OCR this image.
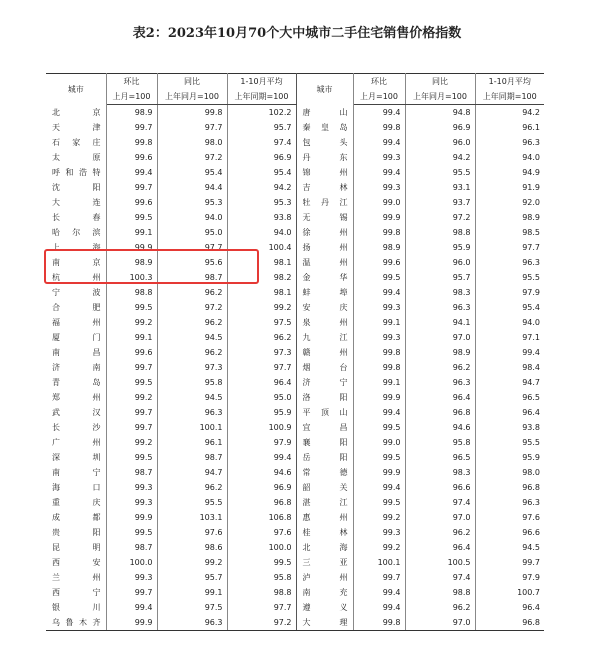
表2：2023年10月70个大中城市二手住宅销售价格指数
城市	环比	同比	1-10月平均	城市	环比	同比	1-10月平均
	上月=100	上年同月=100	上年同期=100		上月=100	上年同月=100	上年同期=100
北　京	98.9	99.8	102.2	唐　山	99.4	94.8	94.2
天　津	99.7	97.7	95.7	秦皇岛	99.8	96.9	96.1
石家庄	99.8	98.0	97.4	包　头	99.4	96.0	96.3
太　原	99.6	97.2	96.9	丹　东	99.3	94.2	94.0
呼和浩特	99.4	95.4	95.4	锦　州	99.4	95.5	94.9
沈　阳	99.7	94.4	94.2	吉　林	99.3	93.1	91.9
大　连	99.6	95.3	95.3	牡丹江	99.0	93.7	92.0
长　春	99.5	94.0	93.8	无　锡	99.9	97.2	98.9
哈尔滨	99.1	95.0	94.0	徐　州	99.8	98.8	98.5
上　海	99.9	97.7	100.4	扬　州	98.9	95.9	97.7
南　京	98.9	95.6	98.1	温　州	99.6	96.0	96.3
杭　州	100.3	98.7	98.2	金　华	99.5	95.7	95.5
宁　波	98.8	96.2	98.1	蚌　埠	99.4	98.3	97.9
合　肥	99.5	97.2	99.2	安　庆	99.3	96.3	95.4
福　州	99.2	96.2	97.5	泉　州	99.1	94.1	94.0
厦　门	99.1	94.5	96.2	九　江	99.3	97.0	97.1
南　昌	99.6	96.2	97.3	赣　州	99.8	98.9	99.4
济　南	99.7	97.3	97.7	烟　台	99.8	96.2	98.4
青　岛	99.5	95.8	96.4	济　宁	99.1	96.3	94.7
郑　州	99.2	94.5	95.0	洛　阳	99.9	96.4	96.5
武　汉	99.7	96.3	95.9	平顶山	99.4	96.8	96.4
长　沙	99.7	100.1	100.9	宜　昌	99.5	94.6	93.8
广　州	99.2	96.1	97.9	襄　阳	99.0	95.8	95.5
深　圳	99.5	98.7	99.4	岳　阳	99.5	96.5	95.9
南　宁	98.7	94.7	94.6	常　德	99.9	98.3	98.0
海　口	99.3	96.2	96.9	韶　关	99.4	96.6	96.8
重　庆	99.3	95.5	96.8	湛　江	99.5	97.4	96.3
成　都	99.9	103.1	106.8	惠　州	99.2	97.0	97.6
贵　阳	99.5	97.6	97.6	桂　林	99.3	96.2	96.6
昆　明	98.7	98.6	100.0	北　海	99.2	96.4	94.5
西　安	100.0	99.2	99.5	三　亚	100.1	100.5	99.7
兰　州	99.3	95.7	95.8	泸　州	99.7	97.4	97.9
西　宁	99.7	99.1	98.8	南　充	99.4	98.8	100.7
银　川	99.4	97.5	97.7	遵　义	99.4	96.2	96.4
乌鲁木齐	99.9	96.3	97.2	大　理	99.8	97.0	96.8
